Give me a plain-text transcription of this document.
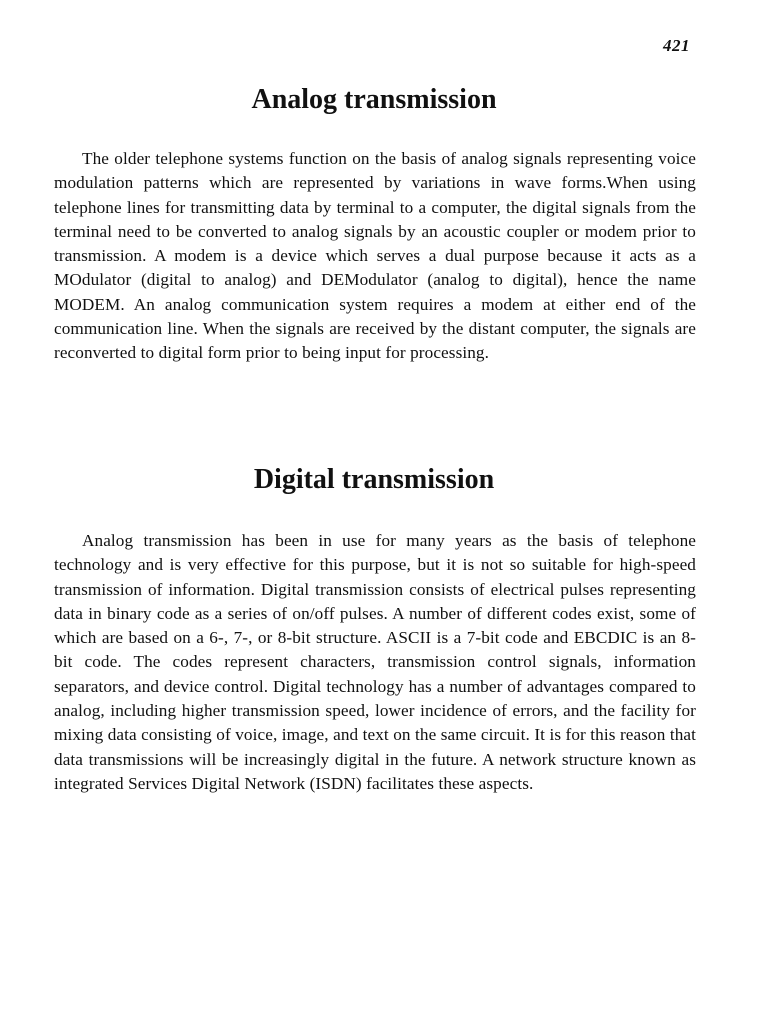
421
Analog transmission

The older telephone systems function on the basis of analog signals representing voice modulation patterns which are represented by variations in wave forms.When using telephone lines for transmitting data by terminal to a computer, the digital signals from the terminal need to be converted to analog signals by an acoustic coupler or modem prior to transmission. A modem is a device which serves a dual purpose because it acts as a MOdulator (digital to analog) and DEModulator (analog to digital), hence the name MODEM. An analog communication system requires a modem at either end of the communication line. When the signals are received by the distant computer, the signals are reconverted to digital form prior to being input for processing.

Digital transmission

Analog transmission has been in use for many years as the basis of telephone technology and is very effective for this purpose, but it is not so suitable for high-speed transmission of information. Digital transmission consists of electrical pulses representing data in binary code as a series of on/off pulses. A number of different codes exist, some of which are based on a 6-, 7-, or 8-bit structure. ASCII is a 7-bit code and EBCDIC is an 8-bit code. The codes represent characters, transmission control signals, information separators, and device control. Digital technology has a number of advantages compared to analog, including higher transmission speed, lower incidence of errors, and the facility for mixing data consisting of voice, image, and text on the same circuit. It is for this reason that data transmissions will be increasingly digital in the future. A network structure known as integrated Services Digital Network (ISDN) facilitates these aspects.
